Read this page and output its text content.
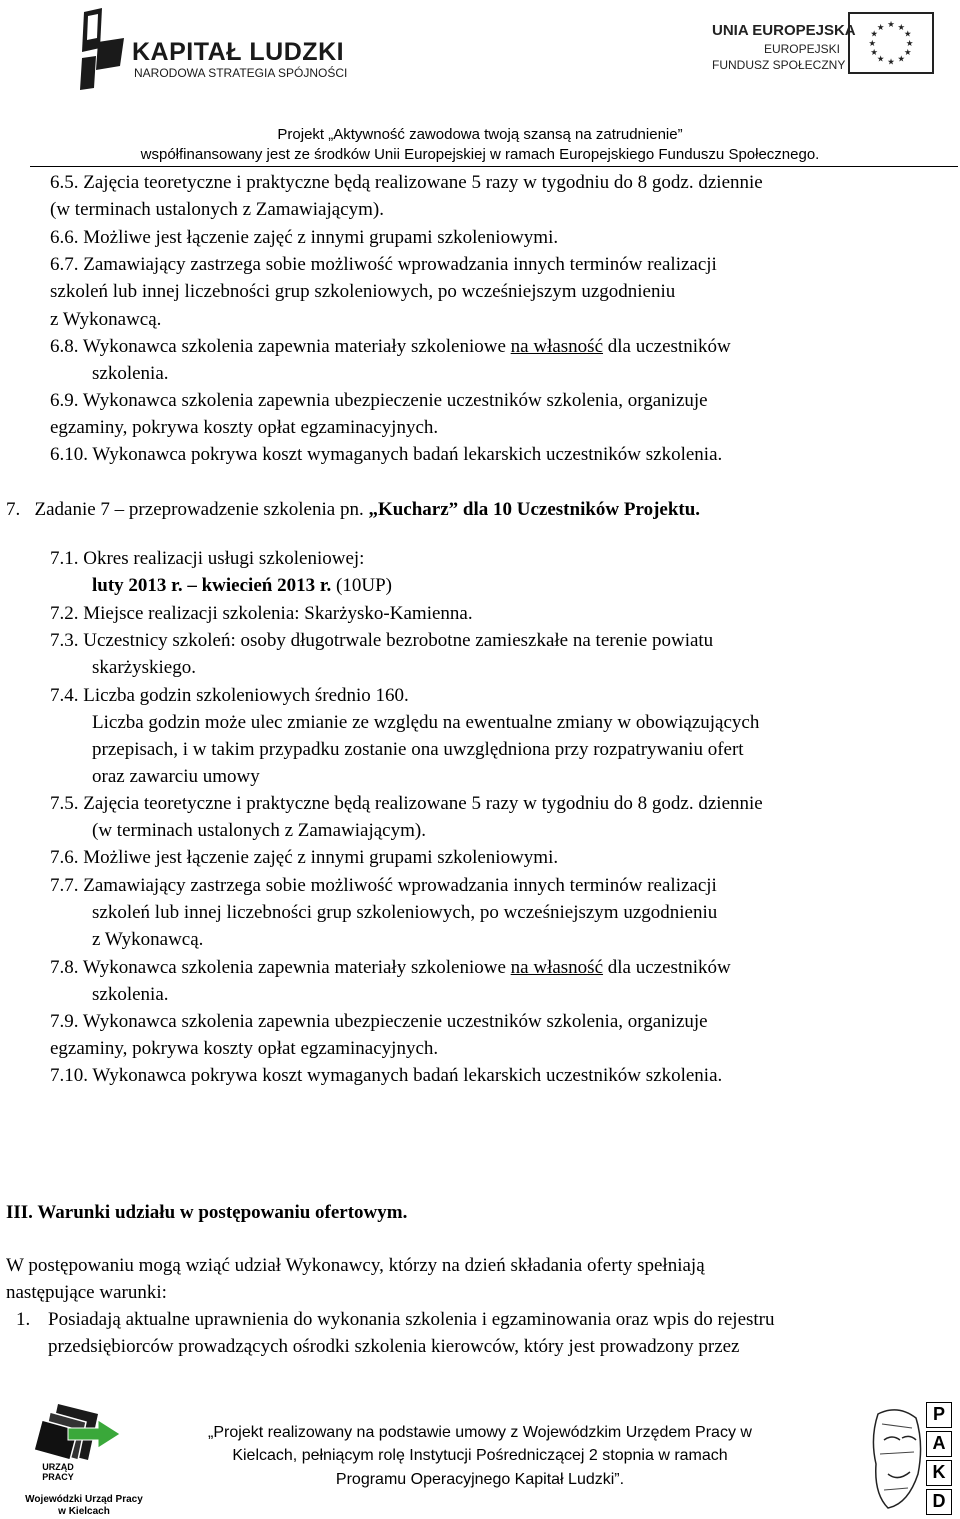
KAPITAŁ LUDZKI
NARODOWA STRATEGIA SPÓJNOŚCI
UNIA EUROPEJSKA
EUROPEJSKI
FUNDUSZ SPOŁECZNY
★ ★
★
★
★
★
★
★
★
★
★
★
Projekt „Aktywność zawodowa twoją szansą na zatrudnienie”
współfinansowany jest ze środków Unii Europejskiej w ramach Europejskiego Funduszu Społecznego.
6.5. Zajęcia teoretyczne i praktyczne będą realizowane 5 razy w tygodniu do 8 godz. dziennie
(w terminach ustalonych z Zamawiającym).
6.6. Możliwe jest łączenie zajęć z innymi grupami szkoleniowymi.
6.7. Zamawiający zastrzega sobie możliwość wprowadzania innych terminów realizacji
szkoleń lub innej liczebności grup szkoleniowych, po wcześniejszym uzgodnieniu
z Wykonawcą.
6.8. Wykonawca szkolenia zapewnia materiały szkoleniowe na własność dla uczestników
szkolenia.
6.9. Wykonawca szkolenia zapewnia ubezpieczenie uczestników szkolenia, organizuje
egzaminy, pokrywa koszty opłat egzaminacyjnych.
6.10. Wykonawca pokrywa koszt wymaganych badań lekarskich uczestników szkolenia.
7. Zadanie 7 – przeprowadzenie szkolenia pn. „Kucharz” dla 10 Uczestników Projektu.
7.1. Okres realizacji usługi szkoleniowej:
luty 2013 r. – kwiecień 2013 r. (10UP)
7.2. Miejsce realizacji szkolenia: Skarżysko-Kamienna.
7.3. Uczestnicy szkoleń: osoby długotrwale bezrobotne zamieszkałe na terenie powiatu
skarżyskiego.
7.4. Liczba godzin szkoleniowych średnio 160.
Liczba godzin może ulec zmianie ze względu na ewentualne zmiany w obowiązujących
przepisach, i w takim przypadku zostanie ona uwzględniona przy rozpatrywaniu ofert
oraz zawarciu umowy
7.5. Zajęcia teoretyczne i praktyczne będą realizowane 5 razy w tygodniu do 8 godz. dziennie
(w terminach ustalonych z Zamawiającym).
7.6. Możliwe jest łączenie zajęć z innymi grupami szkoleniowymi.
7.7. Zamawiający zastrzega sobie możliwość wprowadzania innych terminów realizacji
szkoleń lub innej liczebności grup szkoleniowych, po wcześniejszym uzgodnieniu
z Wykonawcą.
7.8. Wykonawca szkolenia zapewnia materiały szkoleniowe na własność dla uczestników
szkolenia.
7.9. Wykonawca szkolenia zapewnia ubezpieczenie uczestników szkolenia, organizuje
egzaminy, pokrywa koszty opłat egzaminacyjnych.
7.10. Wykonawca pokrywa koszt wymaganych badań lekarskich uczestników szkolenia.
III. Warunki udziału w postępowaniu ofertowym.
W postępowaniu mogą wziąć udział Wykonawcy, którzy na dzień składania oferty spełniają
następujące warunki:
1. Posiadają aktualne uprawnienia do wykonania szkolenia i egzaminowania oraz wpis do rejestru
przedsiębiorców prowadzących ośrodki szkolenia kierowców, który jest prowadzony przez
URZĄD PRACY
Wojewódzki Urząd Pracy
w Kielcach
„Projekt realizowany na podstawie umowy z Wojewódzkim Urzędem Pracy w
Kielcach, pełniącym rolę Instytucji Pośredniczącej 2 stopnia w ramach
Programu Operacyjnego Kapitał Ludzki”.
P
A
K
D
